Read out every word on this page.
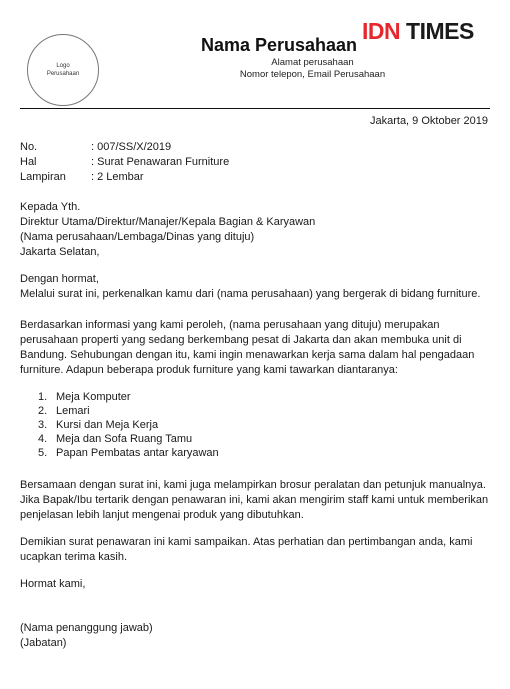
Logo
Perusahaan
IDN TIMES
Nama Perusahaan
Alamat perusahaan
Nomor telepon, Email Perusahaan
Jakarta, 9 Oktober 2019
No.	: 007/SS/X/2019
Hal	: Surat Penawaran Furniture
Lampiran	: 2 Lembar

Kepada Yth.

Direktur Utama/Direktur/Manajer/Kepala Bagian & Karyawan

(Nama perusahaan/Lembaga/Dinas yang dituju)

Jakarta Selatan,

Dengan hormat,

Melalui surat ini, perkenalkan kamu dari (nama perusahaan) yang bergerak di bidang furniture.

Berdasarkan informasi yang kami peroleh, (nama perusahaan yang dituju) merupakan

perusahaan properti yang sedang berkembang pesat di Jakarta dan akan membuka unit di

Bandung. Sehubungan dengan itu, kami ingin menawarkan kerja sama dalam hal pengadaan

furniture. Adapun beberapa produk furniture yang kami tawarkan diantaranya:

1. Meja Komputer
2. Lemari
3. Kursi dan Meja Kerja
4. Meja dan Sofa Ruang Tamu
5. Papan Pembatas antar karyawan

Bersamaan dengan surat ini, kami juga melampirkan brosur peralatan dan petunjuk manualnya.

Jika Bapak/Ibu tertarik dengan penawaran ini, kami akan mengirim staff kami untuk memberikan

penjelasan lebih lanjut mengenai produk yang dibutuhkan.

Demikian surat penawaran ini kami sampaikan. Atas perhatian dan pertimbangan anda, kami

ucapkan terima kasih.

Hormat kami,

(Nama penanggung jawab)

(Jabatan)
